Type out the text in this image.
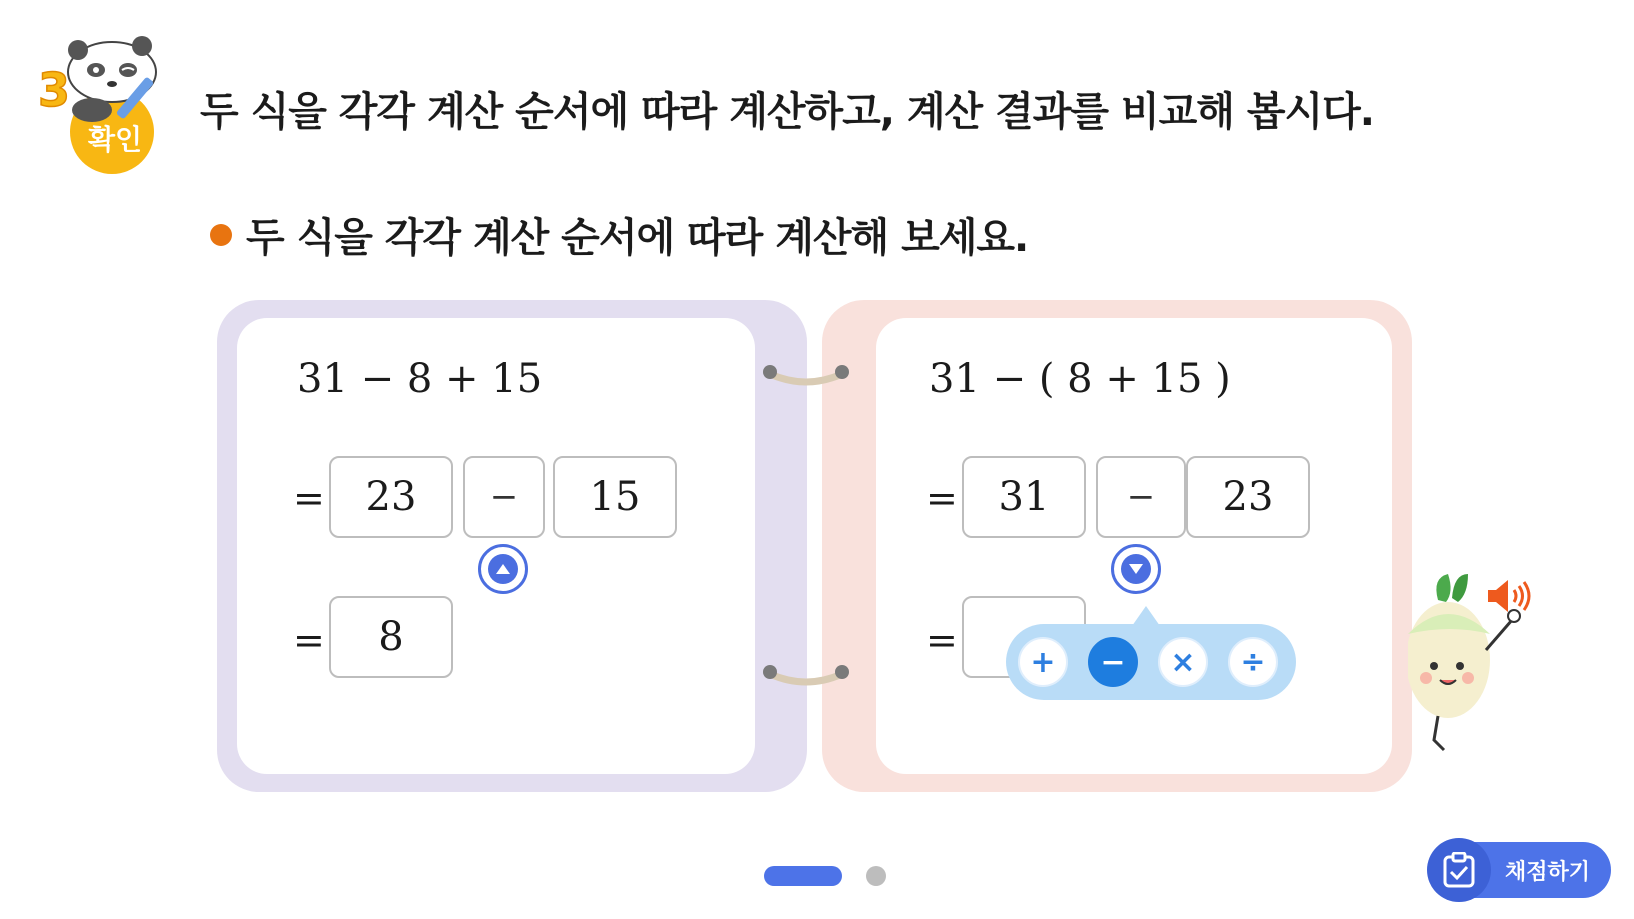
3
확인
두 식을 각각 계산 순서에 따라 계산하고, 계산 결과를 비교해 봅시다.
두 식을 각각 계산 순서에 따라 계산해 보세요.
31 − 8 + 15
=	23	−	15
=	8
31 − ( 8 + 15 )
=	31	−	23
=	+	−	×	÷
채점하기
